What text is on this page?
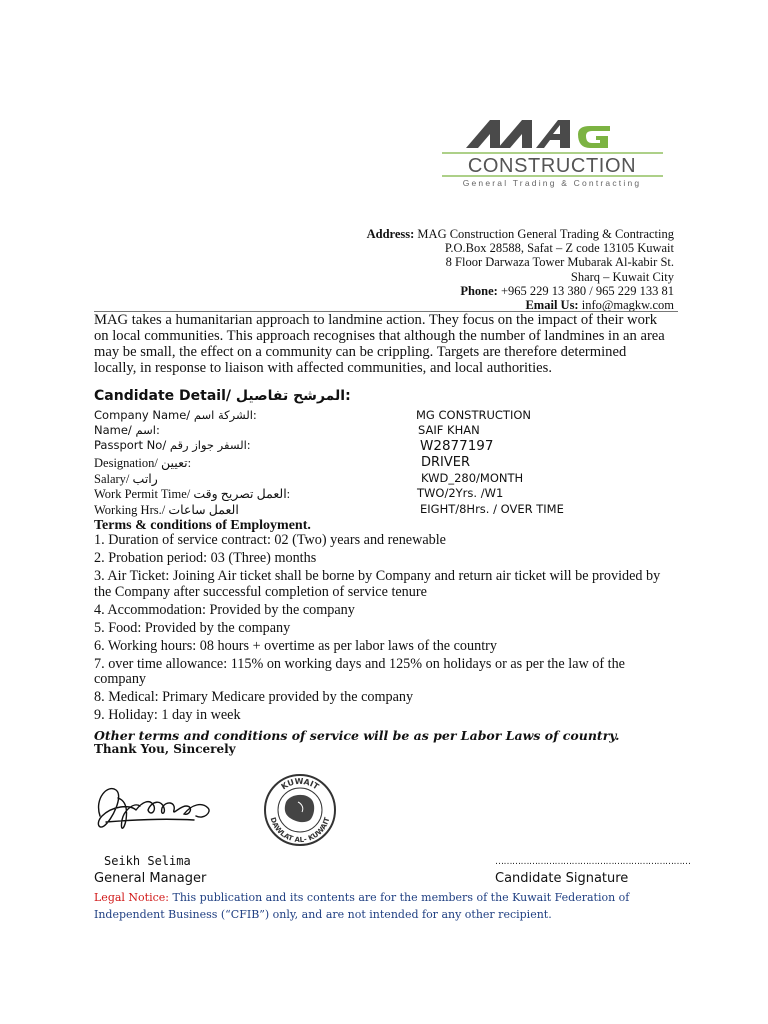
CONSTRUCTION
General Trading & Contracting
Address: MAG Construction General Trading & Contracting
P.O.Box 28588, Safat – Z code 13105 Kuwait
8 Floor Darwaza Tower Mubarak Al-kabir St.
Sharq – Kuwait City
Phone: +965 229 13 380 / 965 229 133 81
Email Us: info@magkw.com
MAG takes a humanitarian approach to landmine action. They focus on the impact of their work on local communities. This approach recognises that although the number of landmines in an area may be small, the effect on a community can be crippling. Targets are therefore determined locally, in response to liaison with affected communities, and local authorities.
Candidate Detail/ المرشح تفاصيل:
Company Name/ الشركة اسم:	MG CONSTRUCTION
Name/ اسم:	SAIF KHAN
Passport No/ السفر جواز رقم:	W2877197
Designation/ تعيين:	DRIVER
Salary/ راتب	KWD_280/MONTH
Work Permit Time/ العمل تصريح وقت:	TWO/2Yrs. /W1
Working Hrs./ العمل ساعات	EIGHT/8Hrs. / OVER TIME
Terms & conditions of Employment.
1. Duration of service contract: 02 (Two) years and renewable
2. Probation period: 03 (Three) months
3. Air Ticket: Joining Air ticket shall be borne by Company and return air ticket will be provided by the Company after successful completion of service tenure
4. Accommodation: Provided by the company
5. Food: Provided by the company
6. Working hours: 08 hours + overtime as per labor laws of the country
7. over time allowance: 115% on working days and 125% on holidays or as per the law of the company
8. Medical: Primary Medicare provided by the company
9. Holiday: 1 day in week
Other terms and conditions of service will be as per Labor Laws of country.
Thank You, Sincerely
KUWAIT
DAWLAT AL- KUWAIT
Seikh Selima
General Manager
……………………………………………………………
Candidate Signature
Legal Notice: This publication and its contents are for the members of the Kuwait Federation of Independent Business (“CFIB”) only, and are not intended for any other recipient.
